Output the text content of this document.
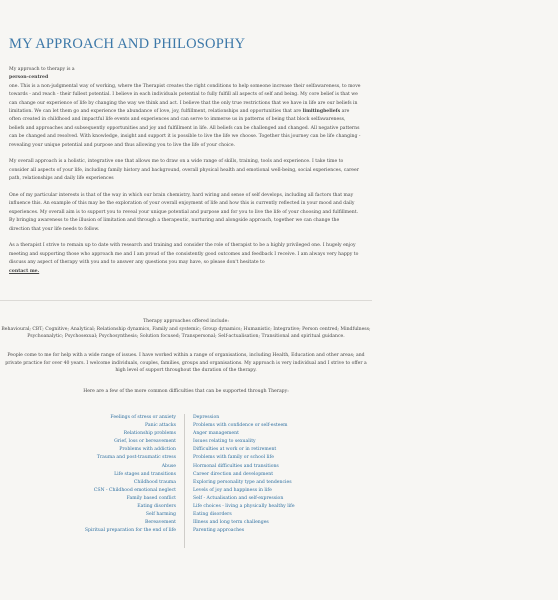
MY APPROACH AND PHILOSOPHY

My approach to therapy is a

person-centred

one. This is a non-judgmental way of working, where the Therapist creates the right conditions to help someone increase their selfawareness, to move towards - and reach - their fullest potential. I believe in each individuals potential to fully fulfill all aspects of self and being. My core belief is that we can change our experience of life by changing the way we think and act. I believe that the only true restrictions that we have in life are our beliefs in limitation. We can let them go and experience the abundance of love, joy, fulfillment, relationships and opportunities that are limitingbeliefs are often created in childhood and impactful life events and experiences and can serve to immerse us in patterns of being that block selfawareness, beliefs and approaches and subsequently opportunities and joy and fulfillment in life. All beliefs can be challenged and changed. All negative patterns can be changed and resolved. With knowledge, insight and support it is possible to live the life we choose. Together this journey can be life changing - revealing your unique potential and purpose and thus allowing you to live the life of your choice.

My overall approach is a holistic, integrative one that allows me to draw on a wide range of skills, training, tools and experience. I take time to consider all aspects of your life, including family history and background, overall physical health and emotional well-being, social experiences, career path, relationships and daily life experiences

One of my particular interests is that of the way in which our brain chemistry, hard wiring and sense of self develops, including all factors that may influence this. An example of this may be the exploration of your overall enjoyment of life and how this is currently reflected in your mood and daily experiences. My overall aim is to support you to reveal your unique potential and purpose and for you to live the life of your choosing and fulfillment. By bringing awareness to the illusion of limitation and through a therapeutic, nurturing and alongside approach, together we can change the direction that your life needs to follow.

As a therapist I strive to remain up to date with research and training and consider the role of therapist to be a highly privileged one. I hugely enjoy meeting and supporting those who approach me and I am proud of the consistently good outcomes and feedback I receive. I am always very happy to discuss any aspect of therapy with you and to answer any questions you may have, so please don't hesitate to
contact me.

Therapy approaches offered include:

Behavioural; CBT; Cognitive; Analytical; Relationship dynamics, Family and systemic; Group dynamics; Humanistic; Integrative; Person centred; Mindfulness; Psychoanalytic; Psychosexual; Psychosynthesis; Solution focused; Transpersonal; Self-actualisation; Transitional and spiritual guidance.

People come to me for help with a wide range of issues. I have worked within a range of organisations, including Health, Education and other areas; and private practice for over 40 years. I welcome individuals, couples, families, groups and organisations. My approach is very individual and I strive to offer a high level of support throughout the duration of the therapy.

Here are a few of the more common difficulties that can be supported through Therapy:

Feelings of stress or anxiety
Panic attacks
Relationship problems
Grief, loss or bereavement
Problems with addiction
Trauma and post-traumatic stress
Abuse
Life stages and transitions
Childhood trauma
CSN - Childhood emotional neglect
Family based conflict
Eating disorders
Self harming
Bereavement
Spiritual preparation for the end of life
Depression
Problems with confidence or self-esteem
Anger management
Issues relating to sexuality
Difficulties at work or in retirement
Problems with family or school life
Hormonal difficulties and transitions
Career direction and development
Exploring personality type and tendencies
Levels of joy and happiness in life
Self - Actualisation and self-expression
Life choices - living a physically healthy life
Eating disorders
Illness and long term challenges
Parenting approaches
